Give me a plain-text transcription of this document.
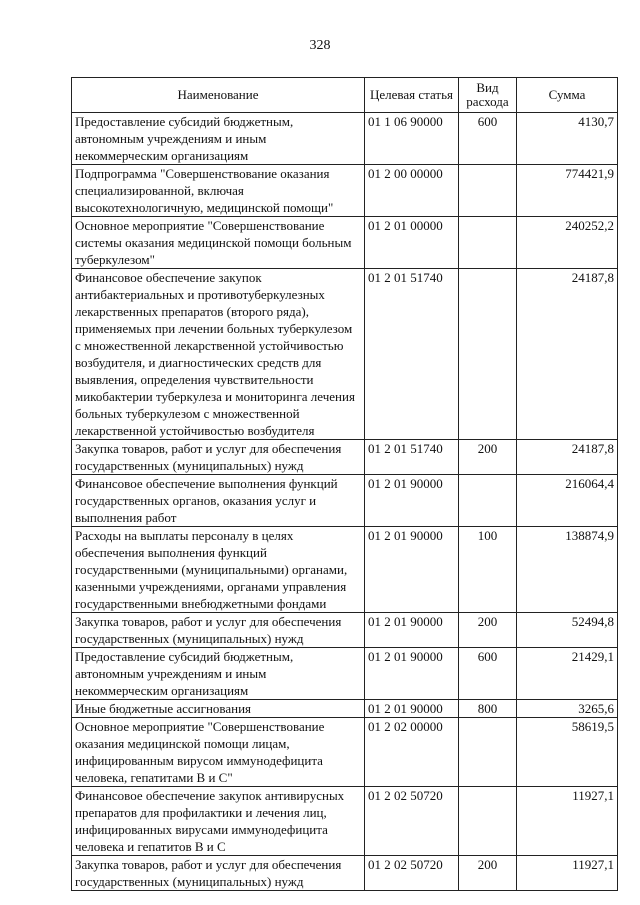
328
Наименование	Целевая статья	Вид расхода	Сумма
Предоставление субсидий бюджетным, автономным учреждениям и иным некоммерческим организациям	01 1 06 90000	600	4130,7
Подпрограмма "Совершенствование оказания специализированной, включая высокотехнологичную, медицинской помощи"	01 2 00 00000		774421,9
Основное мероприятие "Совершенствование системы оказания медицинской помощи больным туберкулезом"	01 2 01 00000		240252,2
Финансовое обеспечение закупок антибактериальных и противотуберкулезных лекарственных препаратов (второго ряда), применяемых при лечении больных туберкулезом с множественной лекарственной устойчивостью возбудителя, и диагностических средств для выявления, определения чувствительности микобактерии туберкулеза и мониторинга лечения больных туберкулезом с множественной лекарственной устойчивостью возбудителя	01 2 01 51740		24187,8
Закупка товаров, работ и услуг для обеспечения государственных (муниципальных) нужд	01 2 01 51740	200	24187,8
Финансовое обеспечение выполнения функций государственных органов, оказания услуг и выполнения работ	01 2 01 90000		216064,4
Расходы на выплаты персоналу в целях обеспечения выполнения функций государственными (муниципальными) органами, казенными учреждениями, органами управления государственными внебюджетными фондами	01 2 01 90000	100	138874,9
Закупка товаров, работ и услуг для обеспечения государственных (муниципальных) нужд	01 2 01 90000	200	52494,8
Предоставление субсидий бюджетным, автономным учреждениям и иным некоммерческим организациям	01 2 01 90000	600	21429,1
Иные бюджетные ассигнования	01 2 01 90000	800	3265,6
Основное мероприятие "Совершенствование оказания медицинской помощи лицам, инфицированным вирусом иммунодефицита человека, гепатитами B и C"	01 2 02 00000		58619,5
Финансовое обеспечение закупок антивирусных препаратов для профилактики и лечения лиц, инфицированных вирусами иммунодефицита человека и гепатитов B и C	01 2 02 50720		11927,1
Закупка товаров, работ и услуг для обеспечения государственных (муниципальных) нужд	01 2 02 50720	200	11927,1
